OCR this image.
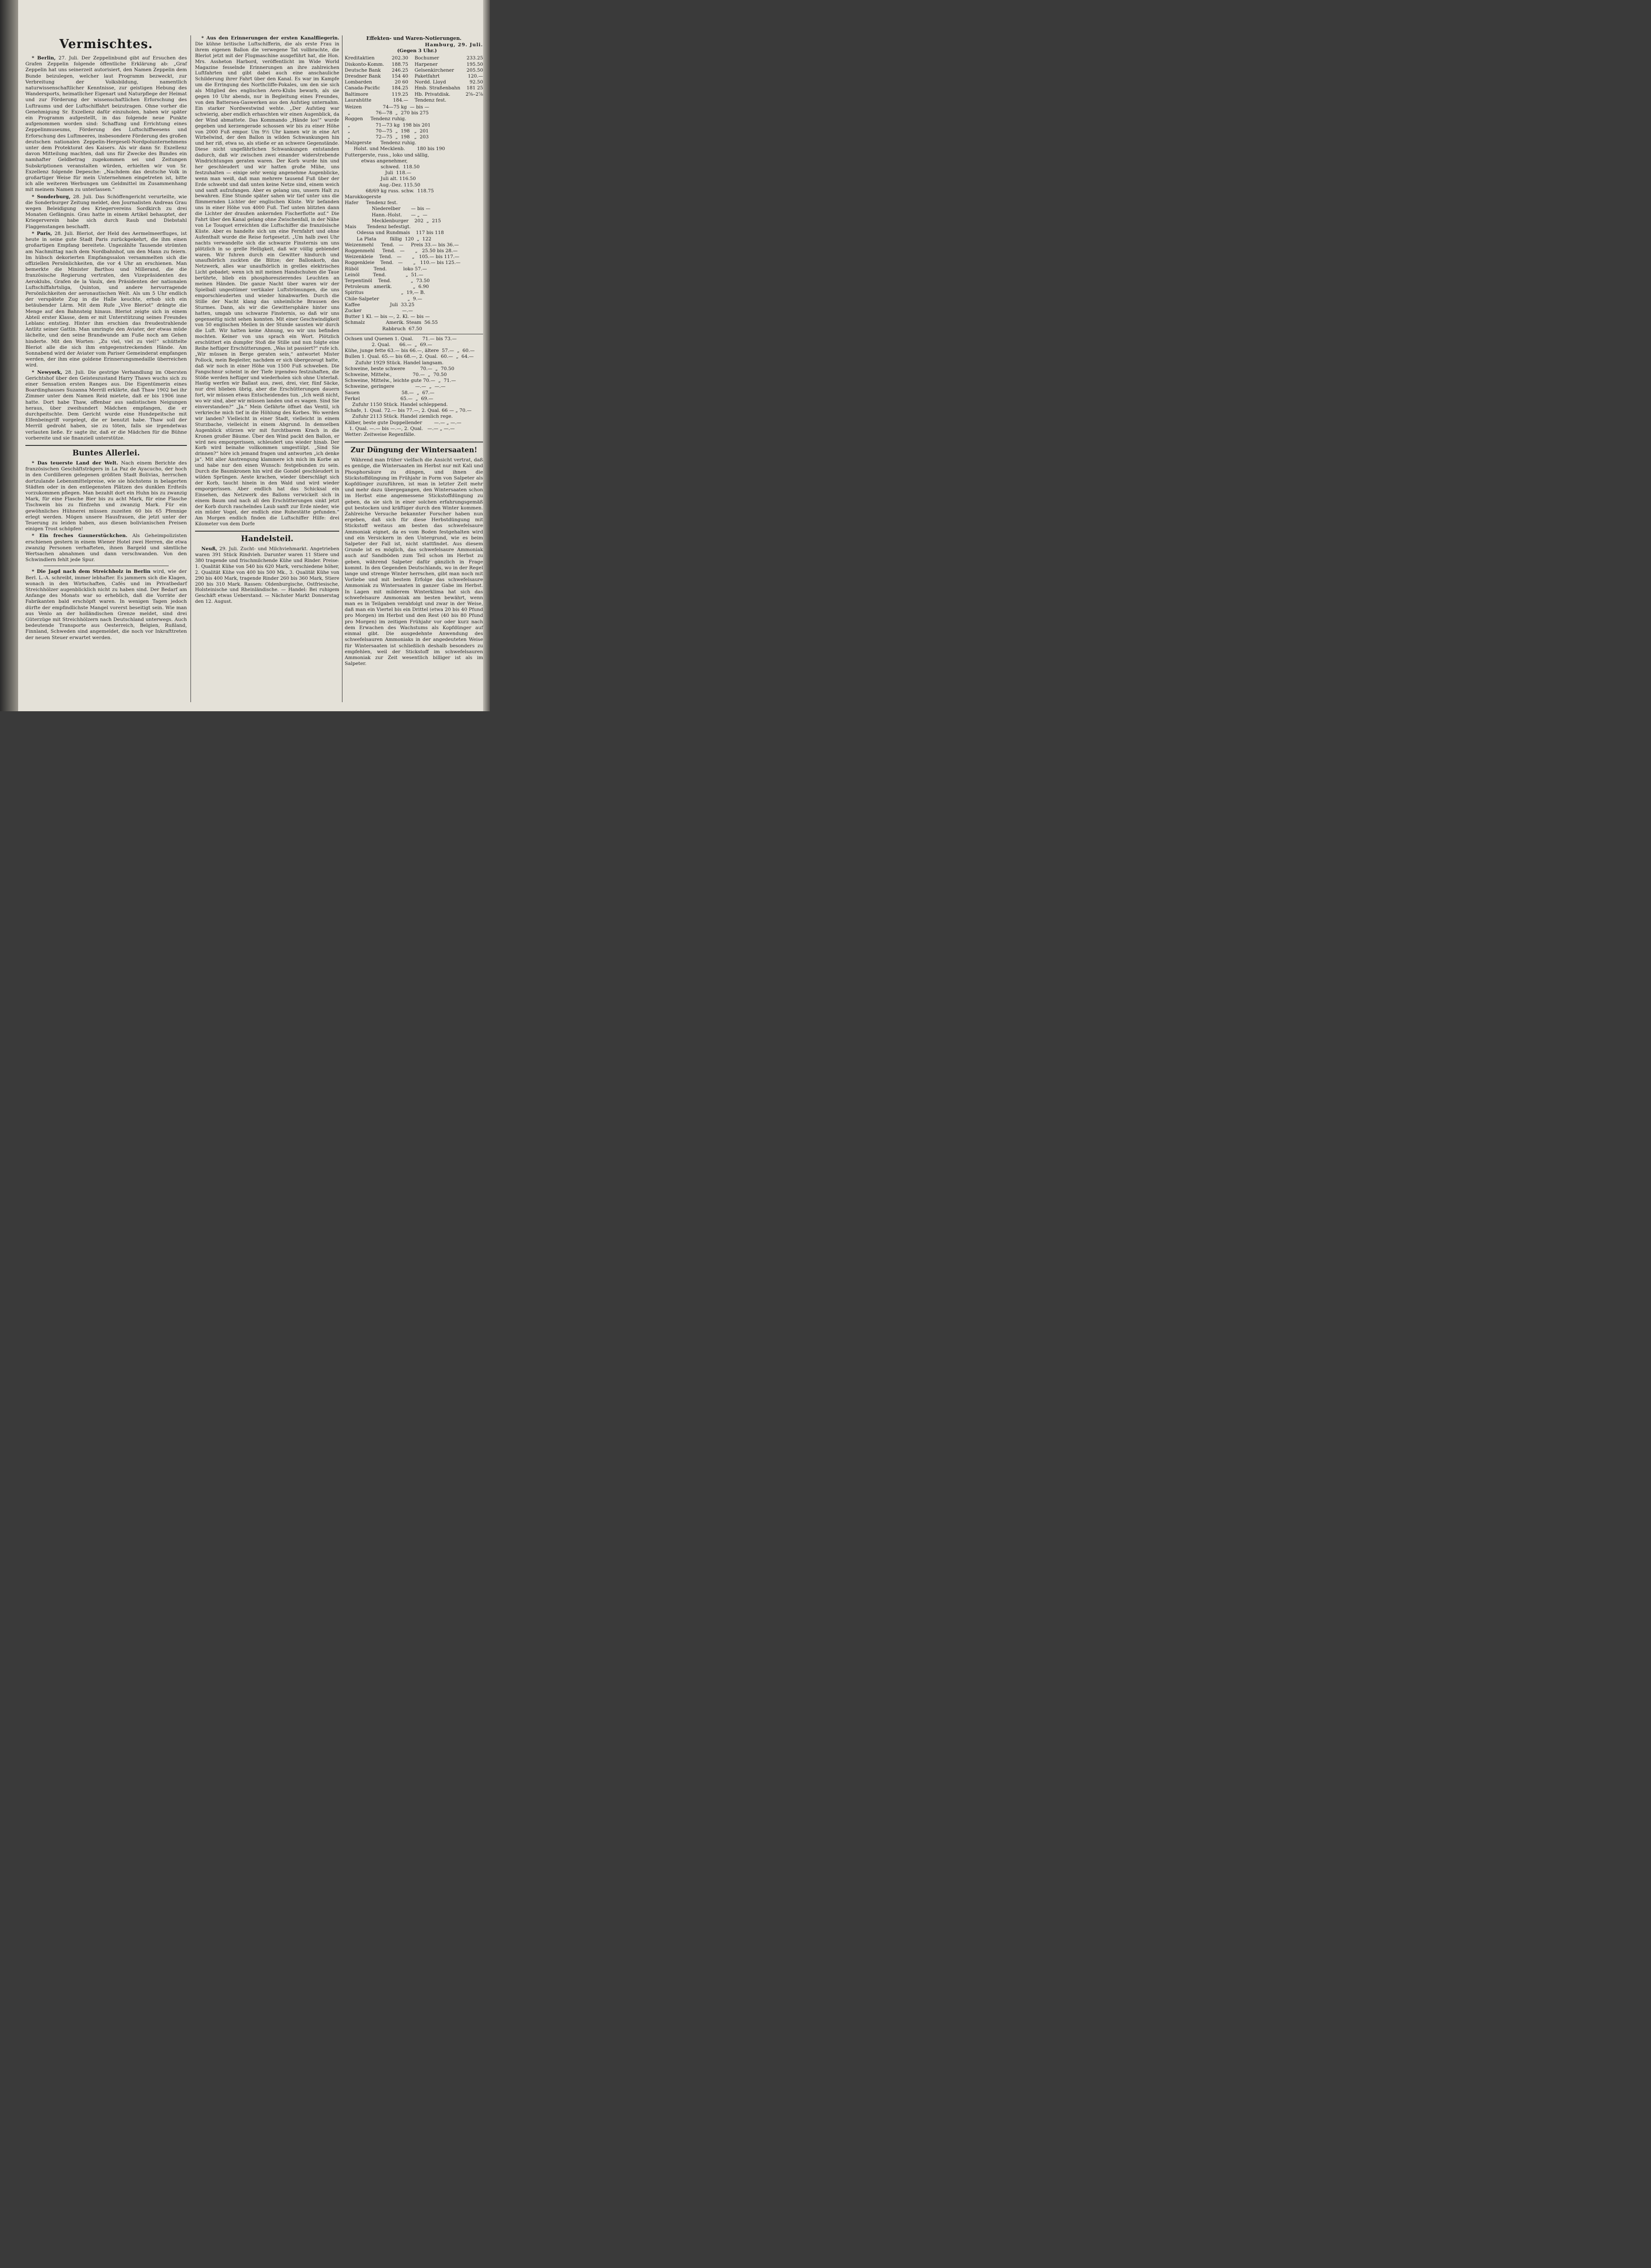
Vermischtes.

* Berlin, 27. Juli. Der Zeppelinbund gibt auf Ersuchen des Grafen Zeppelin folgende öffentliche Erklärung ab: „Graf Zeppelin hat uns seinerzeit autorisiert, den Namen Zeppelin dem Bunde beizulegen, welcher laut Programm bezweckt, zur Verbreitung der Volksbildung, namentlich naturwissenschaftlicher Kenntnisse, zur geistigen Hebung des Wandersports, heimatlicher Eigenart und Naturpflege der Heimat und zur Förderung der wissenschaftlichen Erforschung des Luftraums und der Luftschiffahrt beizutragen. Ohne vorher die Genehmigung Sr. Exzellenz dafür einzuholen, haben wir später ein Programm aufgestellt, in das folgende neue Punkte aufgenommen worden sind: Schaffung und Errichtung eines Zeppelinmuseums, Förderung des Luftschiffwesens und Erforschung des Luftmeeres, insbesondere Förderung des großen deutschen nationalen Zeppelin-Hergesell-Nordpolunternehmens unter dem Protektorat des Kaisers. Als wir dann Sr. Exzellenz davon Mitteilung machten, daß uns für Zwecke des Bundes ein namhafter Geldbetrag zugekommen sei und Zeitungen Subskriptionen veranstalten würden, erhielten wir von Sr. Exzellenz folgende Depesche: „Nachdem das deutsche Volk in großartiger Weise für mein Unternehmen eingetreten ist, bitte ich alle weiteren Werbungen um Geldmittel im Zusammenhang mit meinem Namen zu unterlassen.“

* Sonderburg, 28. Juli. Das Schöffengericht verurteilte, wie die Sonderburger Zeitung meldet, den Journalisten Andreas Grau wegen Beleidigung des Kriegervereins Sordkirch zu drei Monaten Gefängnis. Grau hatte in einem Artikel behauptet, der Kriegerverein habe sich durch Raub und Diebstahl Flaggenstangen beschafft.

* Paris, 28. Juli. Bleriot, der Held des Aermelmeerfluges, ist heute in seine gute Stadt Paris zurückgekehrt, die ihm einen großartigen Empfang bereitete. Ungezählte Tausende strömten am Nachmittag nach dem Nordbahnhof, um den Mann zu feiern. Im hübsch dekorierten Empfangssalon versammelten sich die offiziellen Persönlichkeiten, die vor 4 Uhr an erschienen. Man bemerkte die Minister Barthou und Millerand, die die französische Regierung vertraten, den Vizepräsidenten des Aeroklubs, Grafen de la Vaulx, den Präsidenten der nationalen Luftschiffahrtsliga, Quinton, und andere hervorragende Persönlichkeiten der aeronautischen Welt. Als um 5 Uhr endlich der verspätete Zug in die Halle keuchte, erhob sich ein betäubender Lärm. Mit dem Rufe „Vive Bleriot“ drängte die Menge auf den Bahnsteig hinaus. Bleriot zeigte sich in einem Abteil erster Klasse, dem er mit Unterstützung seines Freundes Leblanc entstieg. Hinter ihm erschien das freudestrahlende Antlitz seiner Gattin. Man umringte den Aviater, der etwas müde lächelte, und den seine Brandwunde am Fuße noch am Gehen hinderte. Mit den Worten: „Zu viel, viel zu viel!“ schüttelte Bleriot alle die sich ihm entgegenstreckenden Hände. Am Sonnabend wird der Aviater vom Pariser Gemeinderat empfangen werden, der ihm eine goldene Erinnerungsmedaille überreichen wird.

* Newyork, 28. Juli. Die gestrige Verhandlung im Obersten Gerichtshof über den Geisteszustand Harry Thaws wuchs sich zu einer Sensation ersten Ranges aus. Die Eigentümerin eines Boardinghauses Suzanna Merrill erklärte, daß Thaw 1902 bei ihr Zimmer unter dem Namen Reid mietete, daß er bis 1906 inne hatte. Dort habe Thaw, offenbar aus sadistischen Neigungen heraus, über zweihundert Mädchen empfangen, die er durchpeitschte. Dem Gericht wurde eine Hundepeitsche mit Elfenbeingriff vorgelegt, die er benutzt habe. Thaw soll der Merrill gedroht haben, sie zu töten, falls sie irgendetwas verlauten ließe. Er sagte ihr, daß er die Mädchen für die Bühne vorbereite und sie finanziell unterstütze.

Buntes Allerlei.

* Das teuerste Land der Welt. Nach einem Berichte des französischen Geschäftsträgers in La Paz de Ayacucho, der hoch in den Cordilleren gelegenen größten Stadt Bolivias, herrschen dortzulande Lebensmittelpreise, wie sie höchstens in belagerten Städten oder in den entlegensten Plätzen des dunklen Erdteils vorzukommen pflegen. Man bezahlt dort ein Huhn bis zu zwanzig Mark, für eine Flasche Bier bis zu acht Mark, für eine Flasche Tischwein bis zu fünfzehn und zwanzig Mark. Für ein gewöhnliches Hühnerei müssen zuzeiten 60 bis 65 Pfennige erlegt werden. Mögen unsere Hausfrauen, die jetzt unter der Teuerung zu leiden haben, aus diesen bolivianischen Preisen einigen Trost schöpfen!

* Ein freches Gaunerstückchen. Als Geheimpolizisten erschienen gestern in einem Wiener Hotel zwei Herren, die etwa zwanzig Personen verhafteten, ihnen Bargeld und sämtliche Wertsachen abnahmen und dann verschwanden. Von den Schwindlern fehlt jede Spur.

* Die Jagd nach dem Streichholz in Berlin wird, wie der Berl. L.-A. schreibt, immer lebhafter. Es jammern sich die Klagen, wonach in den Wirtschaften, Cafés und im Privatbedarf Streichhölzer augenblicklich nicht zu haben sind. Der Bedarf am Anfange des Monats war so erheblich, daß die Vorräte der Fabrikanten bald erschöpft waren. In wenigen Tagen jedoch dürfte der empfindlichste Mangel vorerst beseitigt sein. Wie man aus Venlo an der holländischen Grenze meldet, sind drei Güterzüge mit Streichhölzern nach Deutschland unterwegs. Auch bedeutende Transporte aus Oesterreich, Belgien, Rußland, Finnland, Schweden sind angemeldet, die noch vor Inkrafttreten der neuen Steuer erwartet werden.

* Aus den Erinnerungen der ersten Kanalfliegerin. Die kühne britische Luftschifferin, die als erste Frau in ihrem eigenen Ballon die verwegene Tat vollbrachte, die Bleriot jetzt mit der Flugmaschine ausgeführt hat, die Hon. Mrs. Assheton Harbord, veröffentlicht im Wide World Magazine fesselnde Erinnerungen an ihre zahlreichen Luftfahrten und gibt dabei auch eine anschauliche Schilderung ihrer Fahrt über den Kanal. Es war im Kampfe um die Erringung des Northcliffe-Pokales, um den sie sich als Mitglied des englischen Aero-Klubs bewarb, als sie gegen 10 Uhr abends, nur in Begleitung eines Freundes, von den Battersea-Gaswerken aus den Aufstieg unternahm. Ein starker Nordwestwind wehte. „Der Aufstieg war schwierig, aber endlich erhaschten wir einen Augenblick, da der Wind abmattete. Das Kommando „Hände los!“ wurde gegeben und kerzengerade schossen wir bis zu einer Höhe von 2000 Fuß empor. Um 9½ Uhr kamen wir in eine Art Wirbelwind, der den Ballon in wilden Schwankungen hin und her riß, etwa so, als stieße er an schwere Gegenstände. Diese nicht ungefährlichen Schwankungen entstanden dadurch, daß wir zwischen zwei einander widerstrebende Windrichtungen geraten waren. Der Korb wurde hin und her geschleudert und wir hatten große Mühe, uns festzuhalten — einige sehr wenig angenehme Augenblicke, wenn man weiß, daß man mehrere tausend Fuß über der Erde schwebt und daß unten keine Netze sind, einem weich und sanft aufzufangen. Aber es gelang uns, unsern Halt zu bewahren. Eine Stunde später sahen wir tief unter uns die flimmernden Lichter der englischen Küste. Wir befanden uns in einer Höhe von 4000 Fuß. Tief unten blitzten dann die Lichter der draußen ankernden Fischerflotte auf.“ Die Fahrt über den Kanal gelang ohne Zwischenfall, in der Nähe von Le Touquet erreichten die Luftschiffer die französische Küste. Aber es handelte sich um eine Fernfahrt und ohne Aufenthalt wurde die Reise fortgesetzt. „Um halb zwei Uhr nachts verwandelte sich die schwarze Finsternis um uns plötzlich in so grelle Helligkeit, daß wir völlig geblendet waren. Wir fuhren durch ein Gewitter hindurch und unaufhörlich zuckten die Blitze; der Ballonkorb, das Netzwerk, alles war unaufhörlich in grelles elektrisches Licht gebadet; wenn ich mit meinen Handschuhen die Taue berührte, blieb ein phosphoreszierendes Leuchten an meinen Händen. Die ganze Nacht über waren wir der Spielball ungestümer vertikaler Luftströmungen, die uns emporschleuderten und wieder hinabwarfen. Durch die Stille der Nacht klang das unheimliche Brausen des Sturmes. Dann, als wir die Gewittersphäre hinter uns hatten, umgab uns schwarze Finsternis, so daß wir uns gegenseitig nicht sehen konnten. Mit einer Geschwindigkeit von 50 englischen Meilen in der Stunde sausten wir durch die Luft. Wir hatten keine Ahnung, wo wir uns befinden mochten. Keiner von uns sprach ein Wort. Plötzlich erschüttert ein dumpfer Stoß die Stille und nun folgte eine Reihe heftiger Erschütterungen. „Was ist passiert?“ rufe ich. „Wir müssen in Berge geraten sein,“ antwortet Mister Pollock, mein Begleiter, nachdem er sich übergezeugt hatte, daß wir noch in einer Höhe von 1500 Fuß schweben. Die Fangschnur scheint in der Tiefe irgendwo festzuhaften, die Stöße werden heftiger und wiederholen sich ohne Unterlaß. Hastig werfen wir Ballast aus, zwei, drei, vier, fünf Säcke, nur drei blieben übrig, aber die Erschütterungen dauern fort, wir müssen etwas Entscheidendes tun. „Ich weiß nicht, wo wir sind, aber wir müssen landen und es wagen. Sind Sie einverstanden?“ „Ja.“ Mein Gefährte öffnet das Ventil, ich verkrieche mich tief in die Höhlung des Korbes. Wo werden wir landen? Vielleicht in einer Stadt, vielleicht in einem Sturzbache, vielleicht in einem Abgrund. In demselben Augenblick stürzen wir mit furchtbarem Krach in die Kronen großer Bäume. Über den Wind packt den Ballon, er wird neu emporgerissen, schleudert uns wieder hinab. Der Korb wird beinahe vollkommen umgestülpt. „Sind Sie drinnen?“ höre ich jemand fragen und antworten „ich denke ja“. Mit aller Anstrengung klammere ich mich im Korbe an und habe nur den einen Wunsch: festgebunden zu sein. Durch die Baumkronen hin wird die Gondel geschleudert in wilden Sprüngen. Aeste krachen, wieder überschlägt sich der Korb, taucht hinein in den Wald und wird wieder emporgerissen. Aber endlich hat das Schicksal ein Einsehen, das Netzwerk des Ballons verwickelt sich in einem Baum und nach all den Erschütterungen sinkt jetzt der Korb durch raschelndes Laub sanft zur Erde nieder, wie ein müder Vogel, der endlich eine Ruhestätte gefunden.“ Am Morgen endlich finden die Luftschiffer Hilfe: drei Kilometer von dem Dorfe

Handelsteil.

Neuß, 29. Juli. Zucht- und Milchviehmarkt. Angetrieben waren 391 Stück Rindvieh. Darunter waren 11 Stiere und 380 tragende und frischmilchende Kühe und Rinder. Preise: 1. Qualität Kühe von 540 bis 620 Mark, verschiedene höher, 2. Qualität Kühe von 400 bis 500 Mk., 3. Qualität Kühe von 290 bis 400 Mark, tragende Rinder 260 bis 360 Mark, Stiere 200 bis 310 Mark. Rassen: Oldenburgische, Ostfriesische, Holsteinische und Rheinländische. — Handel: Bei ruhigem Geschäft etwas Ueberstand. — Nächster Markt Donnerstag den 12. August.

Effekten- und Waren-Notierungen.

Hamburg, 29. Juli.

(Gegen 3 Uhr.)

Kreditaktien	202.30 Bochumer	233.25
Diskonto-Komm.	188.75 Harpener	195.50
Deutsche Bank	246.25 Gelsenkirchener	205.50
Dresdner Bank	154 40 Paketfahrt	120.—
Lombarden	20 60 Nordd. Lloyd	92.50
Canada-Pacific	184.25 Hmb. Straßenbahn	181 25
Baltimore	119.25 Hb. Privatdisk.	2⅝–2⅞
Laurahütte	184.— Tendenz fest.
Weizen              74—75 kg  — bis —
„                 76—78  „  270 bis 275
Roggen     Tendenz ruhig.
„                 71—73 kg  198 bis 201
„                 70—75  „  198   „  201
„                 72—75  „  198   „  203
Malzgerste      Tendenz ruhig.
Holst. und Mecklenb.        180 bis 190
Futtergerste, russ., loko und sällig,
etwas angenehmer,
schwed.  118.50
Juli  118.—
Juli alt. 116.50
Aug.-Dez. 115.50
68/69 kg russ. schw.  118.75
Marokkogerste
Hafer     Tendenz fest.
Niederelber       — bis —
Hann.-Holst.      — „  —
Mecklenburger    202  „  215
Mais       Tendenz befestigt.
Odessa und Rundmais    117 bis 118
La Plata         fällig  120  „  122
Weizenmehl     Tend.   —     Preis 33.— bis 36.—
Roggenmehl     Tend.   —       „   25.50 bis 28.—
Weizenkleie    Tend.   —       „   105.— bis 117.—
Roggenkleie    Tend.   —       „   110.— bis 125.—
Rüböl          Tend.           loko 57.—
Leinöl         Tend.             „  51.—
Terpentinöl    Tend.             „  73.50
Petroleum   amerik.              „  6.90
Spiritus                         „  19,— B.
Chile-Salpeter                   „  9.—
Kaffee                    Juli  33.25
Zucker                           —.—
Butter 1 Kl. — bis —, 2. Kl. — bis —
Schmalz              Amerik. Steam  56.55
Rabbruch  67.50
Ochsen und Quenen 1. Qual.      71.— bis 73.—
2. Qual.      66.—  „  69.—
Kühe, junge fette 63.— bis 66.—, ältere  57.—  „  60.—
Bullen 1. Qual. 65.— bis 68.—, 2. Qual.  60.—  „  64.—
Zufuhr 1929 Stück. Handel langsam.
Schweine, beste schwere          70.—  „  70.50
Schweine, Mittelw.,              70.—  „  70.50
Schweine, Mittelw., leichte gute 70.—  „  71.—
Schweine, geringere              —.—  „  —.—
Sauen                            58.—  „  67.—
Ferkel                           65.—  „  69.—
Zufuhr 1150 Stück. Handel schleppend.
Schafe, 1. Qual. 72.— bis 77.—, 2. Qual. 66 — „ 70.—
Zufuhr 2113 Stück. Handel ziemlich rege.
Kälber, beste gute Doppellender        —.— „ —.—
1. Qual. —.— bis —.—, 2. Qual.   —.— „ —.—
Wetter: Zeitweise Regenfälle.
Zur Düngung der Wintersaaten!

Während man früher vielfach die Ansicht vertrat, daß es genüge, die Wintersaaten im Herbst nur mit Kali und Phosphorsäure zu düngen, und ihnen die Stickstoffdüngung im Frühjahr in Form von Salpeter als Kopfdünger zuzuführen, ist man in letzter Zeit mehr und mehr dazu übergegangen, den Wintersaaten schon im Herbst eine angemessene Stickstoffdüngung zu geben, da sie sich in einer solchen erfahrungsgemäß gut bestocken und kräftiger durch den Winter kommen. Zahlreiche Versuche bekannter Forscher haben nun ergeben, daß sich für diese Herbstdüngung mit Stickstoff weitaus am besten das schwefelsaure Ammoniak eignet, da es vom Boden festgehalten wird und ein Versickern in den Untergrund, wie es beim Salpeter der Fall ist, nicht stattfindet. Aus diesem Grunde ist es möglich, das schwefelsaure Ammoniak auch auf Sandböden zum Teil schon im Herbst zu geben, während Salpeter dafür gänzlich in Frage kommt. In den Gegenden Deutschlands, wo in der Regel lange und strenge Winter herrschen, gibt man noch mit Vorliebe und mit bestem Erfolge das schwefelsaure Ammoniak zu Wintersaaten in ganzer Gabe im Herbst. In Lagen mit milderem Winterklima hat sich das schwefelsaure Ammoniak am besten bewährt, wenn man es in Teilgaben verabfolgt und zwar in der Weise, daß man ein Viertel bis ein Drittel (etwa 20 bis 40 Pfund pro Morgen) im Herbst und den Rest (40 bis 80 Pfund pro Morgen) im zeitigen Frühjahr vor oder kurz nach dem Erwachen des Wachstums als Kopfdünger auf einmal gibt. Die ausgedehnte Anwendung des schwefelsauren Ammoniaks in der angedeuteten Weise für Wintersaaten ist schließlich deshalb besonders zu empfehlen, weil der Stickstoff im schwefelsauren Ammoniak zur Zeit wesentlich billiger ist als im Salpeter.
